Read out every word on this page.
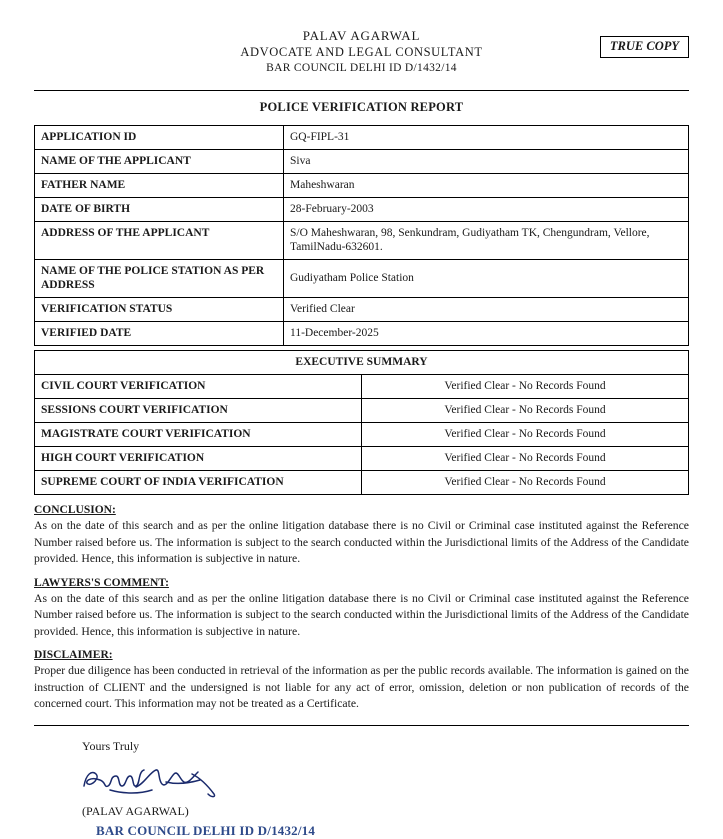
PALAV AGARWAL
ADVOCATE AND LEGAL CONSULTANT
BAR COUNCIL DELHI ID D/1432/14
TRUE COPY
POLICE VERIFICATION REPORT
APPLICATION ID	GQ-FIPL-31
NAME OF THE APPLICANT	Siva
FATHER NAME	Maheshwaran
DATE OF BIRTH	28-February-2003
ADDRESS OF THE APPLICANT	S/O Maheshwaran, 98, Senkundram, Gudiyatham TK, Chengundram, Vellore, TamilNadu-632601.
NAME OF THE POLICE STATION AS PER ADDRESS	Gudiyatham Police Station
VERIFICATION STATUS	Verified Clear
VERIFIED DATE	11-December-2025
EXECUTIVE SUMMARY	
CIVIL COURT VERIFICATION	Verified Clear - No Records Found
SESSIONS COURT VERIFICATION	Verified Clear - No Records Found
MAGISTRATE COURT VERIFICATION	Verified Clear - No Records Found
HIGH COURT VERIFICATION	Verified Clear - No Records Found
SUPREME COURT OF INDIA VERIFICATION	Verified Clear - No Records Found
CONCLUSION:
As on the date of this search and as per the online litigation database there is no Civil or Criminal case instituted against the Reference Number raised before us. The information is subject to the search conducted within the Jurisdictional limits of the Address of the Candidate provided. Hence, this information is subjective in nature.
LAWYERS'S COMMENT:
As on the date of this search and as per the online litigation database there is no Civil or Criminal case instituted against the Reference Number raised before us. The information is subject to the search conducted within the Jurisdictional limits of the Address of the Candidate provided. Hence, this information is subjective in nature.
DISCLAIMER:
Proper due diligence has been conducted in retrieval of the information as per the public records available. The information is gained on the instruction of CLIENT and the undersigned is not liable for any act of error, omission, deletion or non publication of records of the concerned court. This information may not be treated as a Certificate.
Yours Truly
(PALAV AGARWAL)
BAR COUNCIL DELHI ID D/1432/14
